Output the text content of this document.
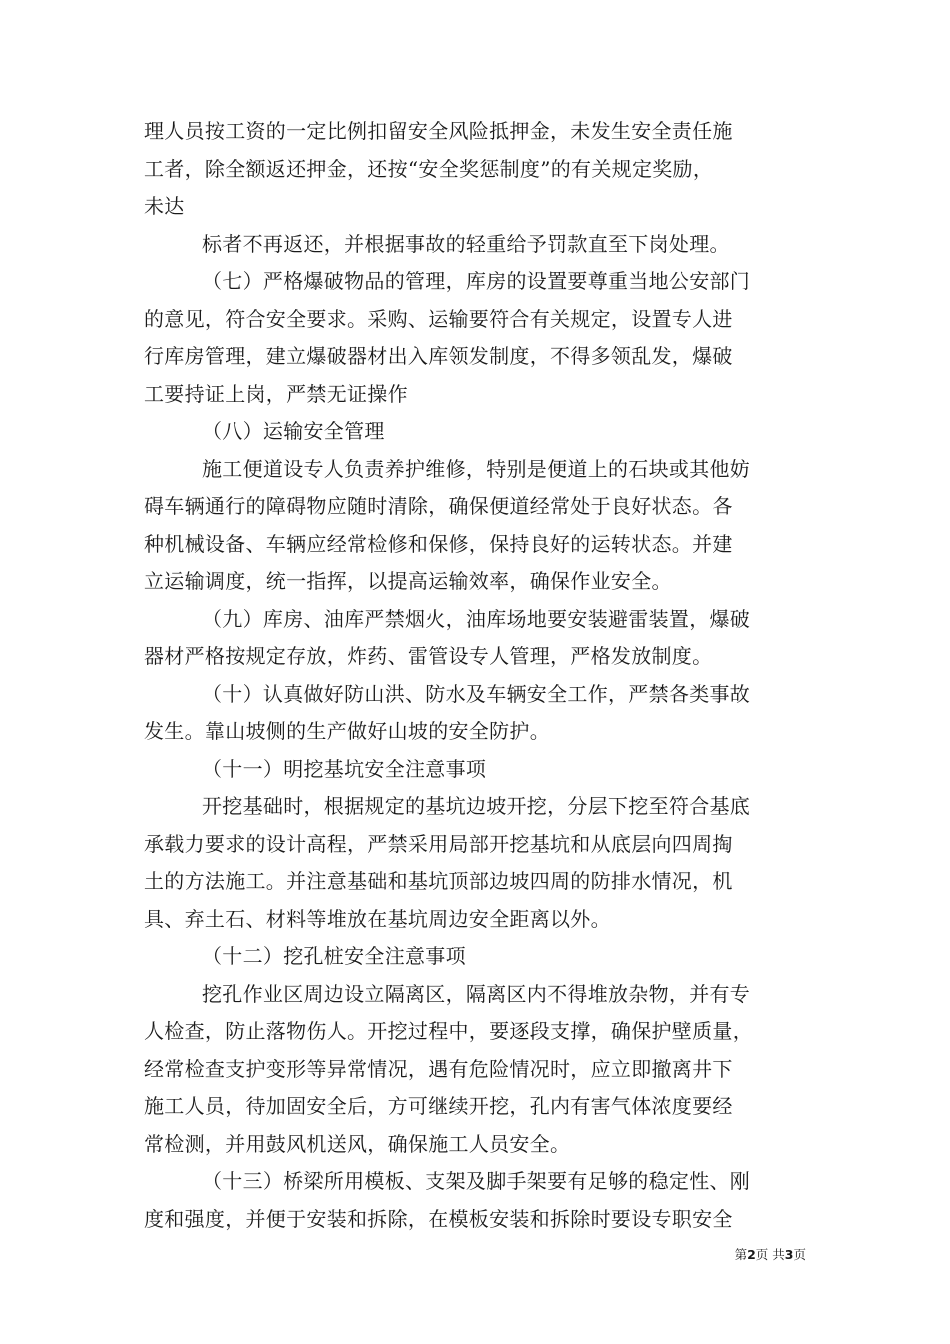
理人员按工资的一定比例扣留安全风险抵押金，未发生安全责任施
工者，除全额返还押金，还按“安全奖惩制度”的有关规定奖励，
未达
标者不再返还，并根据事故的轻重给予罚款直至下岗处理。
（七）严格爆破物品的管理，库房的设置要尊重当地公安部门
的意见，符合安全要求。采购、运输要符合有关规定，设置专人进
行库房管理，建立爆破器材出入库领发制度，不得多领乱发，爆破
工要持证上岗，严禁无证操作
（八）运输安全管理
施工便道设专人负责养护维修，特别是便道上的石块或其他妨
碍车辆通行的障碍物应随时清除，确保便道经常处于良好状态。各
种机械设备、车辆应经常检修和保修，保持良好的运转状态。并建
立运输调度，统一指挥，以提高运输效率，确保作业安全。
（九）库房、油库严禁烟火，油库场地要安装避雷装置，爆破
器材严格按规定存放，炸药、雷管设专人管理，严格发放制度。
（十）认真做好防山洪、防水及车辆安全工作，严禁各类事故
发生。靠山坡侧的生产做好山坡的安全防护。
（十一）明挖基坑安全注意事项
开挖基础时，根据规定的基坑边坡开挖，分层下挖至符合基底
承载力要求的设计高程，严禁采用局部开挖基坑和从底层向四周掏
土的方法施工。并注意基础和基坑顶部边坡四周的防排水情况，机
具、弃土石、材料等堆放在基坑周边安全距离以外。
（十二）挖孔桩安全注意事项
挖孔作业区周边设立隔离区，隔离区内不得堆放杂物，并有专
人检查，防止落物伤人。开挖过程中，要逐段支撑，确保护壁质量，
经常检查支护变形等异常情况，遇有危险情况时，应立即撤离井下
施工人员，待加固安全后，方可继续开挖，孔内有害气体浓度要经
常检测，并用鼓风机送风，确保施工人员安全。
（十三）桥梁所用模板、支架及脚手架要有足够的稳定性、刚
度和强度，并便于安装和拆除，在模板安装和拆除时要设专职安全
第2页 共3页
